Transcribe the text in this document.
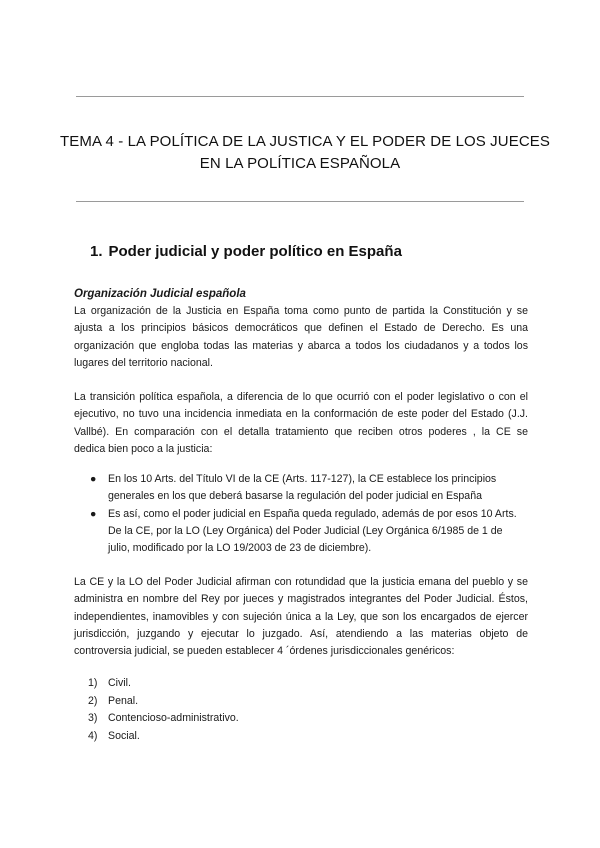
TEMA 4 - LA POLÍTICA DE LA JUSTICA Y EL PODER DE LOS JUECES
EN LA POLÍTICA ESPAÑOLA
1. Poder judicial y poder político en España
Organización Judicial española
La organización de la Justicia en España toma como punto de partida la Constitución y se
ajusta a los principios básicos democráticos que definen el Estado de Derecho. Es una
organización que engloba todas las materias y abarca a todos los ciudadanos y a todos los
lugares del territorio nacional.
La transición política española, a diferencia de lo que ocurrió con el poder legislativo o con el
ejecutivo, no tuvo una incidencia inmediata en la conformación de este poder del Estado (J.J.
Vallbé). En comparación con el detalla tratamiento que reciben otros poderes , la CE se
dedica bien poco a la justicia:
● En los 10 Arts. del Título VI de la CE (Arts. 117-127), la CE establece los principios
generales en los que deberá basarse la regulación del poder judicial en España
● Es así, como el poder judicial en España queda regulado, además de por esos 10 Arts.
De la CE, por la LO (Ley Orgánica) del Poder Judicial (Ley Orgánica 6/1985 de 1 de
julio, modificado por la LO 19/2003 de 23 de diciembre).
La CE y la LO del Poder Judicial afirman con rotundidad que la justicia emana del pueblo y se
administra en nombre del Rey por jueces y magistrados integrantes del Poder Judicial. Éstos,
independientes, inamovibles y con sujeción única a la Ley, que son los encargados de ejercer
jurisdicción, juzgando y ejecutar lo juzgado. Así, atendiendo a las materias objeto de
controversia judicial, se pueden establecer 4 ´órdenes jurisdiccionales genéricos:
1) Civil.
2) Penal.
3) Contencioso-administrativo.
4) Social.
